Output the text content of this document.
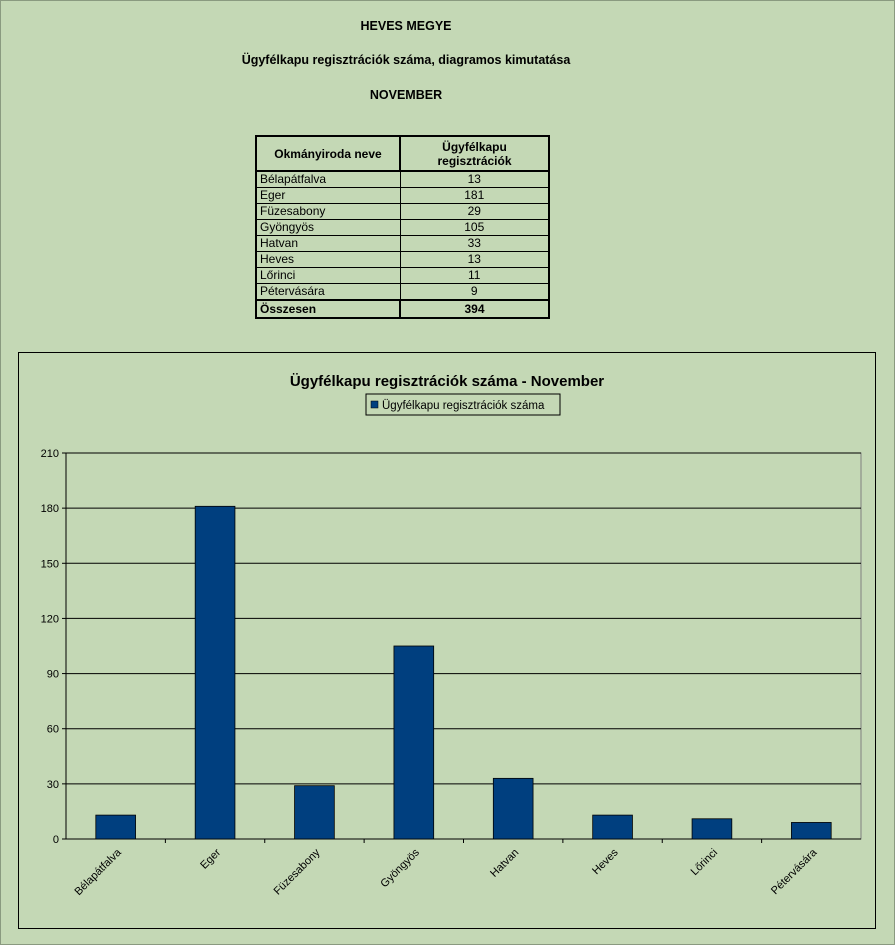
HEVES MEGYE
Ügyfélkapu regisztrációk száma, diagramos kimutatása
NOVEMBER
Okmányiroda neve	Ügyfélkapu
regisztrációk
Bélapátfalva	13
Eger	181
Füzesabony	29
Gyöngyös	105
Hatvan	33
Heves	13
Lőrinci	11
Pétervására	9
Összesen	394
Ügyfélkapu regisztrációk száma - November
Ügyfélkapu regisztrációk száma
0
30
60
90
120
150
180
210
Bélapátfalva	Eger	Füzesabony	Gyöngyös	Hatvan	Heves	Lőrinci	Pétervására
